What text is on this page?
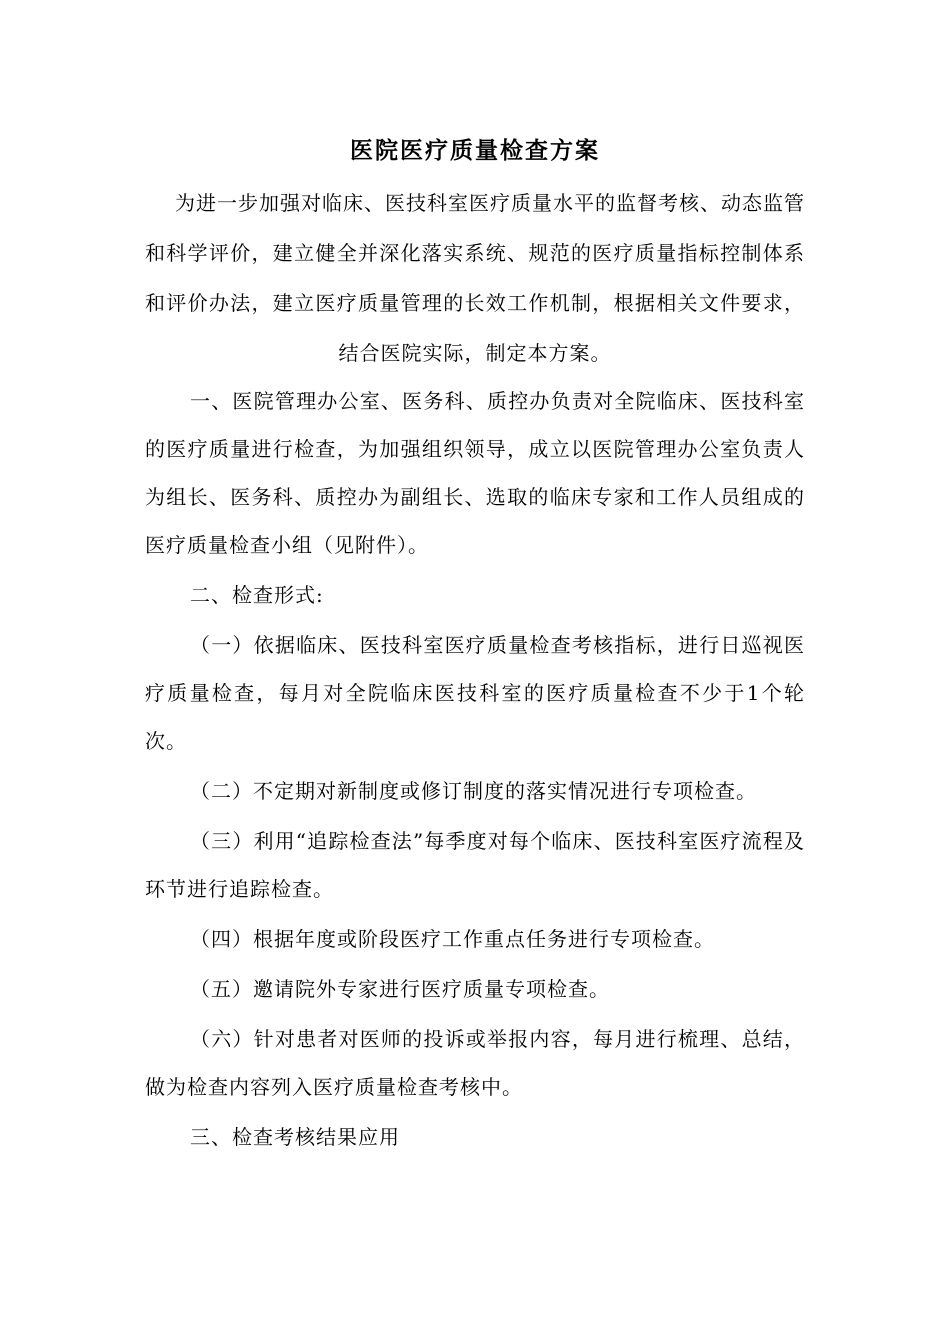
医院医疗质量检查方案
为进一步加强对临床、医技科室医疗质量水平的监督考核、动态监管和科学评价，建立健全并深化落实系统、规范的医疗质量指标控制体系和评价办法，建立医疗质量管理的长效工作机制，根据相关文件要求，结合医院实际，制定本方案。

一、医院管理办公室、医务科、质控办负责对全院临床、医技科室的医疗质量进行检查，为加强组织领导，成立以医院管理办公室负责人为组长、医务科、质控办为副组长、选取的临床专家和工作人员组成的医疗质量检查小组（见附件）。

二、检查形式:

（一）依据临床、医技科室医疗质量检查考核指标，进行日巡视医疗质量检查，每月对全院临床医技科室的医疗质量检查不少于1个轮次。

（二）不定期对新制度或修订制度的落实情况进行专项检查。

（三）利用“追踪检查法”每季度对每个临床、医技科室医疗流程及环节进行追踪检查。

（四）根据年度或阶段医疗工作重点任务进行专项检查。

（五）邀请院外专家进行医疗质量专项检查。

（六）针对患者对医师的投诉或举报内容，每月进行梳理、总结，做为检查内容列入医疗质量检查考核中。

三、检查考核结果应用
